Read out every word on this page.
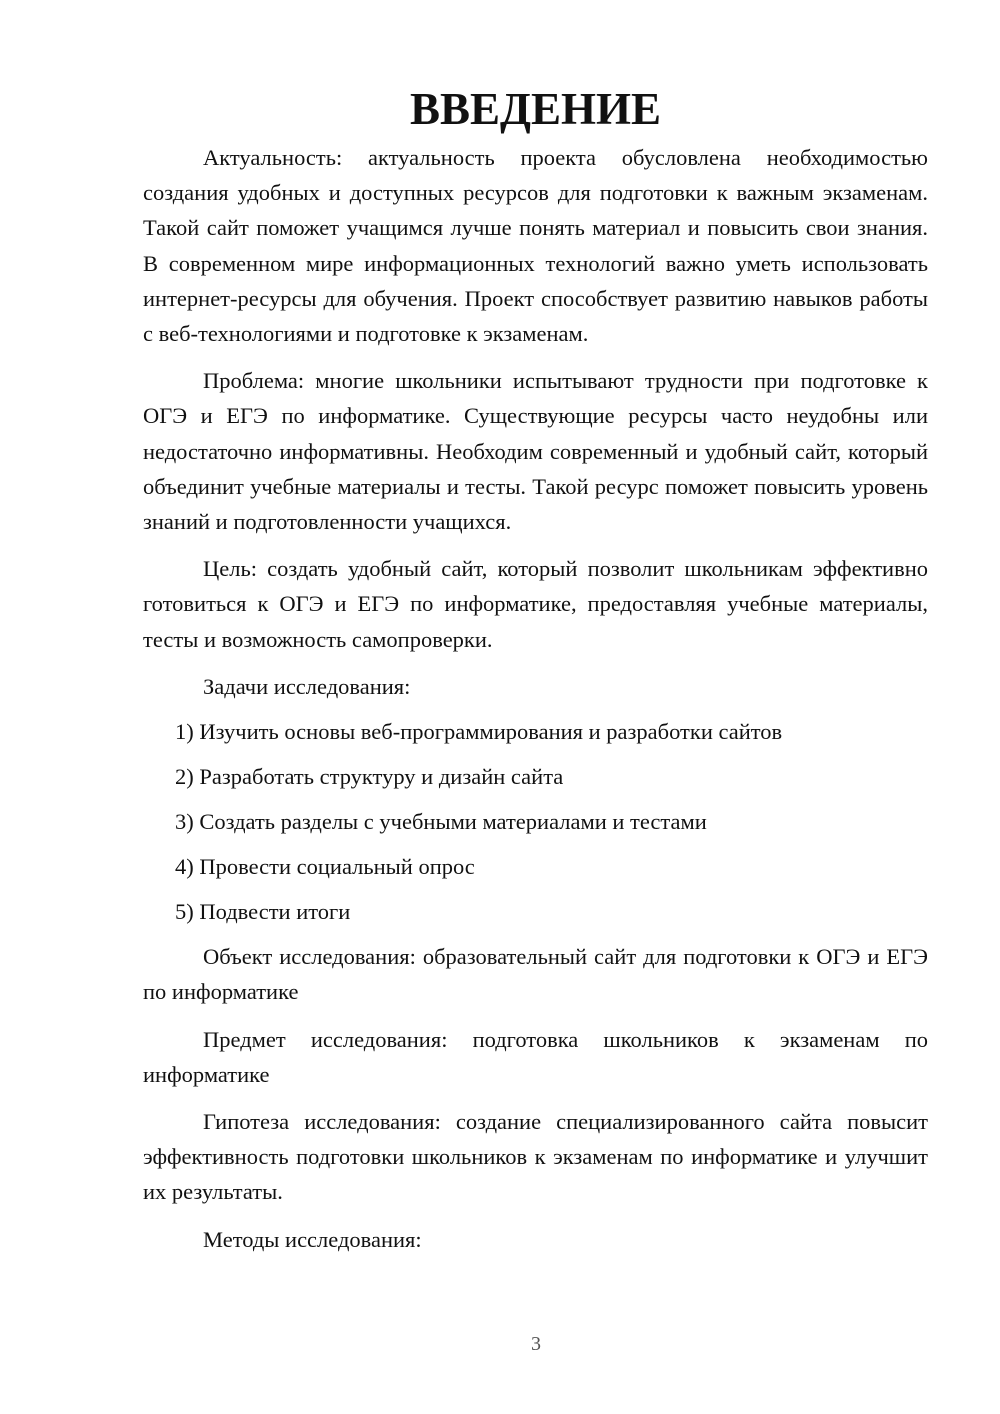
ВВЕДЕНИЕ

Актуальность: актуальность проекта обусловлена необходимостью создания удобных и доступных ресурсов для подготовки к важным экзаменам. Такой сайт поможет учащимся лучше понять материал и повысить свои знания. В современном мире информационных технологий важно уметь использовать интернет-ресурсы для обучения. Проект способствует развитию навыков работы с веб-технологиями и подготовке к экзаменам.

Проблема: многие школьники испытывают трудности при подготовке к ОГЭ и ЕГЭ по информатике. Существующие ресурсы часто неудобны или недостаточно информативны. Необходим современный и удобный сайт, который объединит учебные материалы и тесты. Такой ресурс поможет повысить уровень знаний и подготовленности учащихся.

Цель: создать удобный сайт, который позволит школьникам эффективно готовиться к ОГЭ и ЕГЭ по информатике, предоставляя учебные материалы, тесты и возможность самопроверки.

Задачи исследования:

1) Изучить основы веб-программирования и разработки сайтов
2) Разработать структуру и дизайн сайта
3) Создать разделы с учебными материалами и тестами
4) Провести социальный опрос
5) Подвести итоги

Объект исследования: образовательный сайт для подготовки к ОГЭ и ЕГЭ по информатике

Предмет исследования: подготовка школьников к экзаменам по информатике

Гипотеза исследования: создание специализированного сайта повысит эффективность подготовки школьников к экзаменам по информатике и улучшит их результаты.

Методы исследования:

3
